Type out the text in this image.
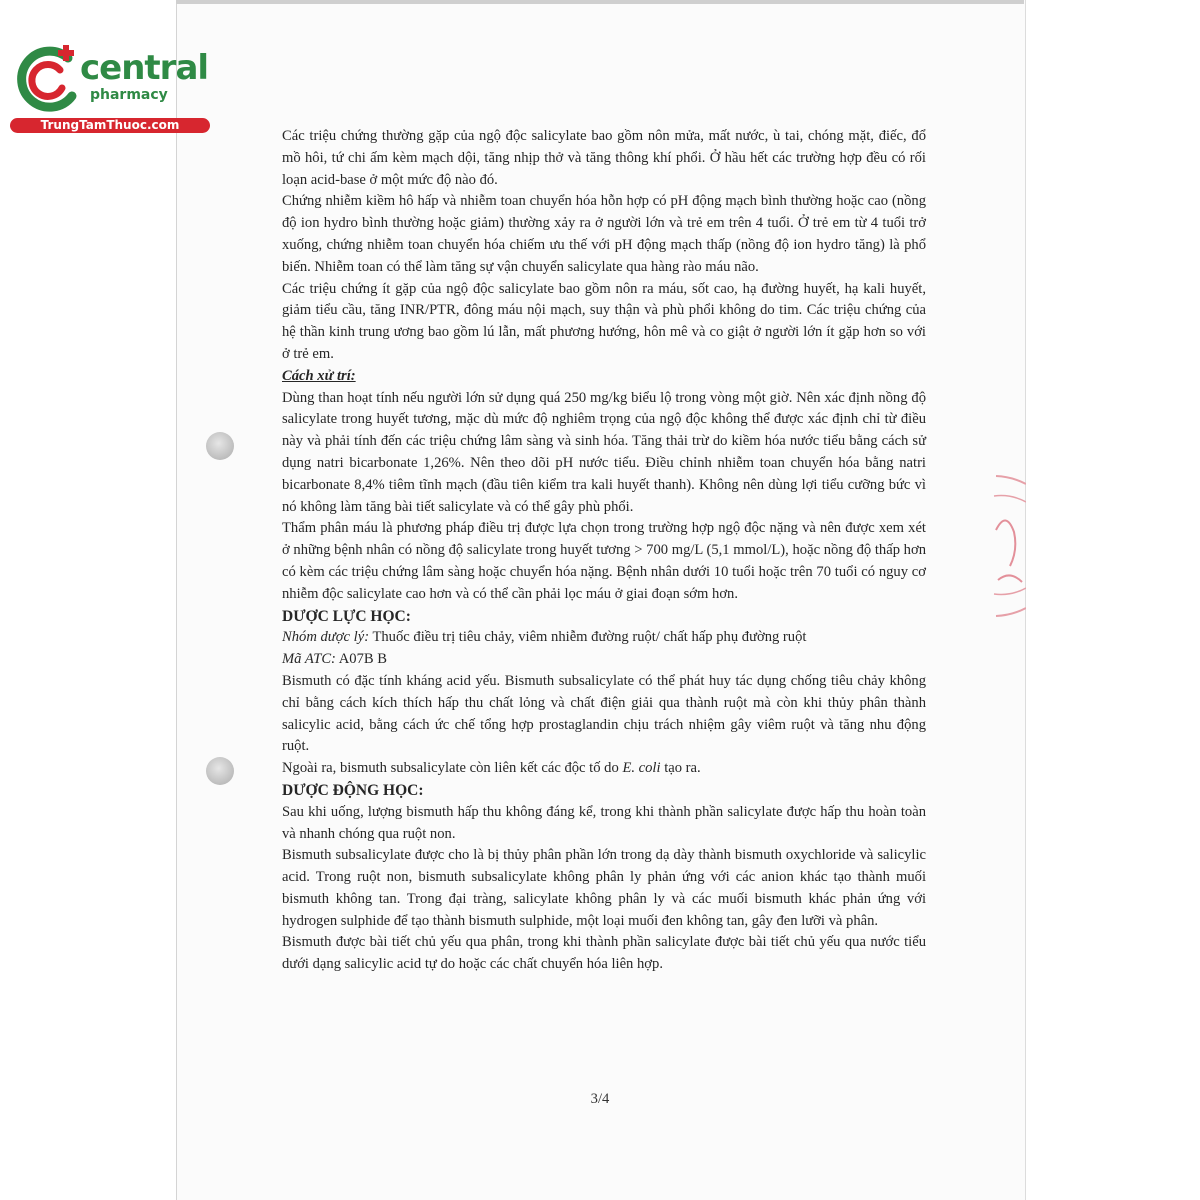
central
pharmacy
TrungTamThuoc.com

Các triệu chứng thường gặp của ngộ độc salicylate bao gồm nôn mửa, mất nước, ù tai, chóng mặt, điếc, đổ mồ hôi, tứ chi ấm kèm mạch dội, tăng nhịp thở và tăng thông khí phổi. Ở hầu hết các trường hợp đều có rối loạn acid-base ở một mức độ nào đó.

Chứng nhiễm kiềm hô hấp và nhiễm toan chuyển hóa hỗn hợp có pH động mạch bình thường hoặc cao (nồng độ ion hydro bình thường hoặc giảm) thường xảy ra ở người lớn và trẻ em trên 4 tuổi. Ở trẻ em từ 4 tuổi trở xuống, chứng nhiễm toan chuyển hóa chiếm ưu thế với pH động mạch thấp (nồng độ ion hydro tăng) là phổ biến. Nhiễm toan có thể làm tăng sự vận chuyển salicylate qua hàng rào máu não.

Các triệu chứng ít gặp của ngộ độc salicylate bao gồm nôn ra máu, sốt cao, hạ đường huyết, hạ kali huyết, giảm tiểu cầu, tăng INR/PTR, đông máu nội mạch, suy thận và phù phổi không do tim. Các triệu chứng của hệ thần kinh trung ương bao gồm lú lẫn, mất phương hướng, hôn mê và co giật ở người lớn ít gặp hơn so với ở trẻ em.

Cách xử trí:

Dùng than hoạt tính nếu người lớn sử dụng quá 250 mg/kg biểu lộ trong vòng một giờ. Nên xác định nồng độ salicylate trong huyết tương, mặc dù mức độ nghiêm trọng của ngộ độc không thể được xác định chỉ từ điều này và phải tính đến các triệu chứng lâm sàng và sinh hóa. Tăng thải trừ do kiềm hóa nước tiểu bằng cách sử dụng natri bicarbonate 1,26%. Nên theo dõi pH nước tiểu. Điều chỉnh nhiễm toan chuyển hóa bằng natri bicarbonate 8,4% tiêm tĩnh mạch (đầu tiên kiểm tra kali huyết thanh). Không nên dùng lợi tiểu cưỡng bức vì nó không làm tăng bài tiết salicylate và có thể gây phù phổi.

Thẩm phân máu là phương pháp điều trị được lựa chọn trong trường hợp ngộ độc nặng và nên được xem xét ở những bệnh nhân có nồng độ salicylate trong huyết tương > 700 mg/L (5,1 mmol/L), hoặc nồng độ thấp hơn có kèm các triệu chứng lâm sàng hoặc chuyển hóa nặng. Bệnh nhân dưới 10 tuổi hoặc trên 70 tuổi có nguy cơ nhiễm độc salicylate cao hơn và có thể cần phải lọc máu ở giai đoạn sớm hơn.

DƯỢC LỰC HỌC:

Nhóm dược lý: Thuốc điều trị tiêu chảy, viêm nhiễm đường ruột/ chất hấp phụ đường ruột

Mã ATC: A07B B

Bismuth có đặc tính kháng acid yếu. Bismuth subsalicylate có thể phát huy tác dụng chống tiêu chảy không chỉ bằng cách kích thích hấp thu chất lỏng và chất điện giải qua thành ruột mà còn khi thủy phân thành salicylic acid, bằng cách ức chế tổng hợp prostaglandin chịu trách nhiệm gây viêm ruột và tăng nhu động ruột.

Ngoài ra, bismuth subsalicylate còn liên kết các độc tố do E. coli tạo ra.

DƯỢC ĐỘNG HỌC:

Sau khi uống, lượng bismuth hấp thu không đáng kể, trong khi thành phần salicylate được hấp thu hoàn toàn và nhanh chóng qua ruột non.

Bismuth subsalicylate được cho là bị thủy phân phần lớn trong dạ dày thành bismuth oxychloride và salicylic acid. Trong ruột non, bismuth subsalicylate không phân ly phản ứng với các anion khác tạo thành muối bismuth không tan. Trong đại tràng, salicylate không phân ly và các muối bismuth khác phản ứng với hydrogen sulphide để tạo thành bismuth sulphide, một loại muối đen không tan, gây đen lưỡi và phân.

Bismuth được bài tiết chủ yếu qua phân, trong khi thành phần salicylate được bài tiết chủ yếu qua nước tiểu dưới dạng salicylic acid tự do hoặc các chất chuyển hóa liên hợp.

3/4
